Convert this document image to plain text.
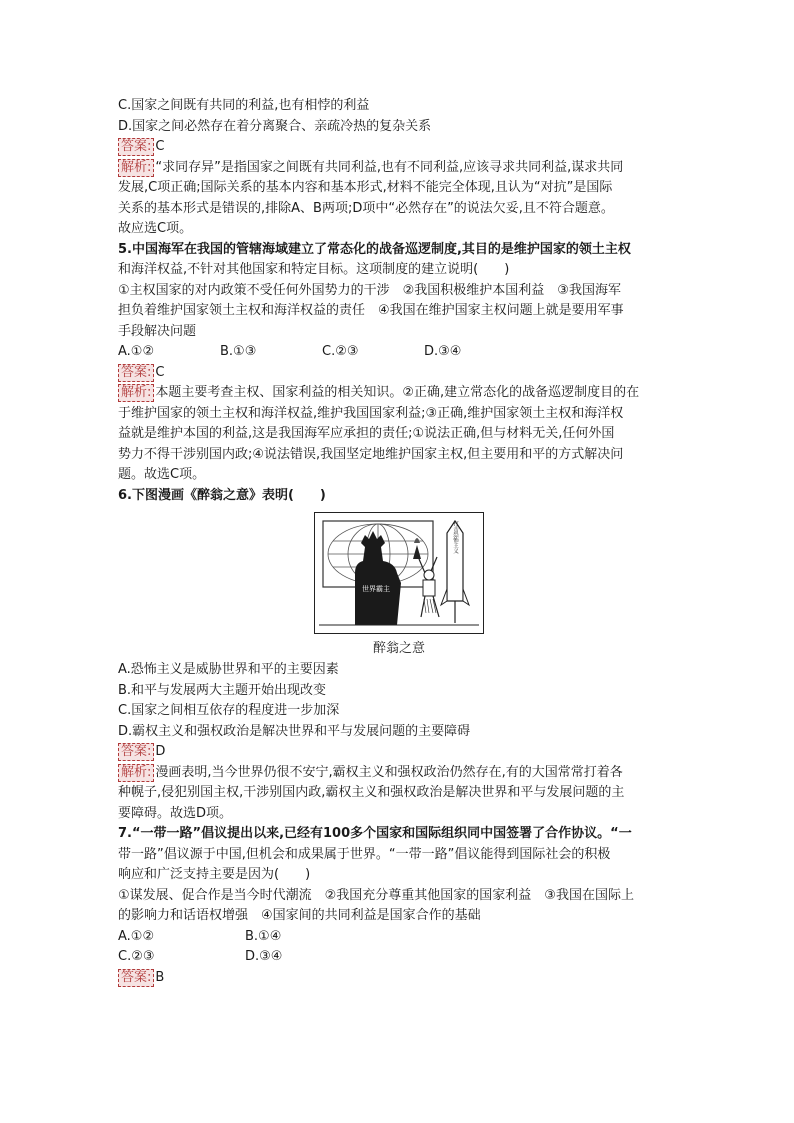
C.国家之间既有共同的利益,也有相悖的利益
D.国家之间必然存在着分离聚合、亲疏冷热的复杂关系
答案: C
解析: “求同存异”是指国家之间既有共同利益,也有不同利益,应该寻求共同利益,谋求共同
发展,C项正确;国际关系的基本内容和基本形式,材料不能完全体现,且认为“对抗”是国际
关系的基本形式是错误的,排除A、B两项;D项中“必然存在”的说法欠妥,且不符合题意。
故应选C项。
5.中国海军在我国的管辖海域建立了常态化的战备巡逻制度,其目的是维护国家的领土主权
和海洋权益,不针对其他国家和特定目标。这项制度的建立说明(　　)
①主权国家的对内政策不受任何外国势力的干涉　②我国积极维护本国利益　③我国海军
担负着维护国家领土主权和海洋权益的责任　④我国在维护国家主权问题上就是要用军事
手段解决问题
A.①②	B.①③	C.②③	D.③④
答案: C
解析: 本题主要考查主权、国家利益的相关知识。②正确,建立常态化的战备巡逻制度目的在
于维护国家的领土主权和海洋权益,维护我国国家利益;③正确,维护国家领土主权和海洋权
益就是维护本国的利益,这是我国海军应承担的责任;①说法正确,但与材料无关,任何外国
势力不得干涉别国内政;④说法错误,我国坚定地维护国家主权,但主要用和平的方式解决问
题。故选C项。
6.下图漫画《醉翁之意》表明(　　)
世界霸主
打击恐怖主义
醉翁之意
A.恐怖主义是威胁世界和平的主要因素
B.和平与发展两大主题开始出现改变
C.国家之间相互依存的程度进一步加深
D.霸权主义和强权政治是解决世界和平与发展问题的主要障碍
答案: D
解析: 漫画表明,当今世界仍很不安宁,霸权主义和强权政治仍然存在,有的大国常常打着各
种幌子,侵犯别国主权,干涉别国内政,霸权主义和强权政治是解决世界和平与发展问题的主
要障碍。故选D项。
7.“一带一路”倡议提出以来,已经有100多个国家和国际组织同中国签署了合作协议。“一
带一路”倡议源于中国,但机会和成果属于世界。“一带一路”倡议能得到国际社会的积极
响应和广泛支持主要是因为(　　)
①谋发展、促合作是当今时代潮流　②我国充分尊重其他国家的国家利益　③我国在国际上
的影响力和话语权增强　④国家间的共同利益是国家合作的基础
A.①②	B.①④
C.②③	D.③④
答案: B
